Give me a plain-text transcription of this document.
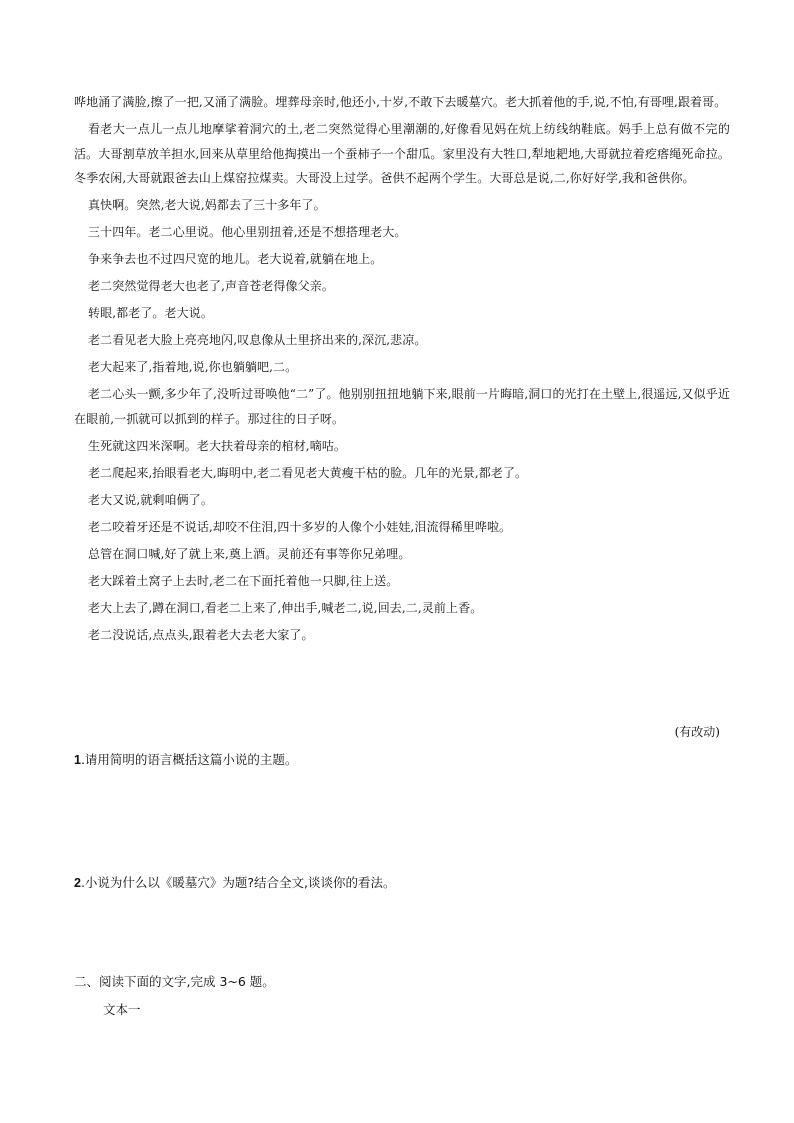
哗地涌了满脸,擦了一把,又涌了满脸。埋葬母亲时,他还小,十岁,不敢下去暖墓穴。老大抓着他的手,说,不怕,有哥哩,跟着哥。

看老大一点儿一点儿地摩挲着洞穴的土,老二突然觉得心里潮潮的,好像看见妈在炕上纺线纳鞋底。妈手上总有做不完的活。大哥割草放羊担水,回来从草里给他掏摸出一个蚕柿子一个甜瓜。家里没有大牲口,犁地耙地,大哥就拉着疙瘩绳死命拉。冬季农闲,大哥就跟爸去山上煤窑拉煤卖。大哥没上过学。爸供不起两个学生。大哥总是说,二,你好好学,我和爸供你。

真快啊。突然,老大说,妈都去了三十多年了。

三十四年。老二心里说。他心里别扭着,还是不想搭理老大。

争来争去也不过四尺宽的地儿。老大说着,就躺在地上。

老二突然觉得老大也老了,声音苍老得像父亲。

转眼,都老了。老大说。

老二看见老大脸上亮亮地闪,叹息像从土里挤出来的,深沉,悲凉。

老大起来了,指着地,说,你也躺躺吧,二。

老二心头一颤,多少年了,没听过哥唤他“二”了。他别别扭扭地躺下来,眼前一片晦暗,洞口的光打在土壁上,很遥远,又似乎近在眼前,一抓就可以抓到的样子。那过往的日子呀。

生死就这四米深啊。老大扶着母亲的棺材,嘀咕。

老二爬起来,抬眼看老大,晦明中,老二看见老大黄瘦干枯的脸。几年的光景,都老了。

老大又说,就剩咱俩了。

老二咬着牙还是不说话,却咬不住泪,四十多岁的人像个小娃娃,泪流得稀里哗啦。

总管在洞口喊,好了就上来,奠上酒。灵前还有事等你兄弟哩。

老大踩着土窝子上去时,老二在下面托着他一只脚,往上送。

老大上去了,蹲在洞口,看老二上来了,伸出手,喊老二,说,回去,二,灵前上香。

老二没说话,点点头,跟着老大去老大家了。

(有改动)
1.请用简明的语言概括这篇小说的主题。
2.小说为什么以《暖墓穴》为题?结合全文,谈谈你的看法。
二、阅读下面的文字,完成 3~6 题。
文本一
